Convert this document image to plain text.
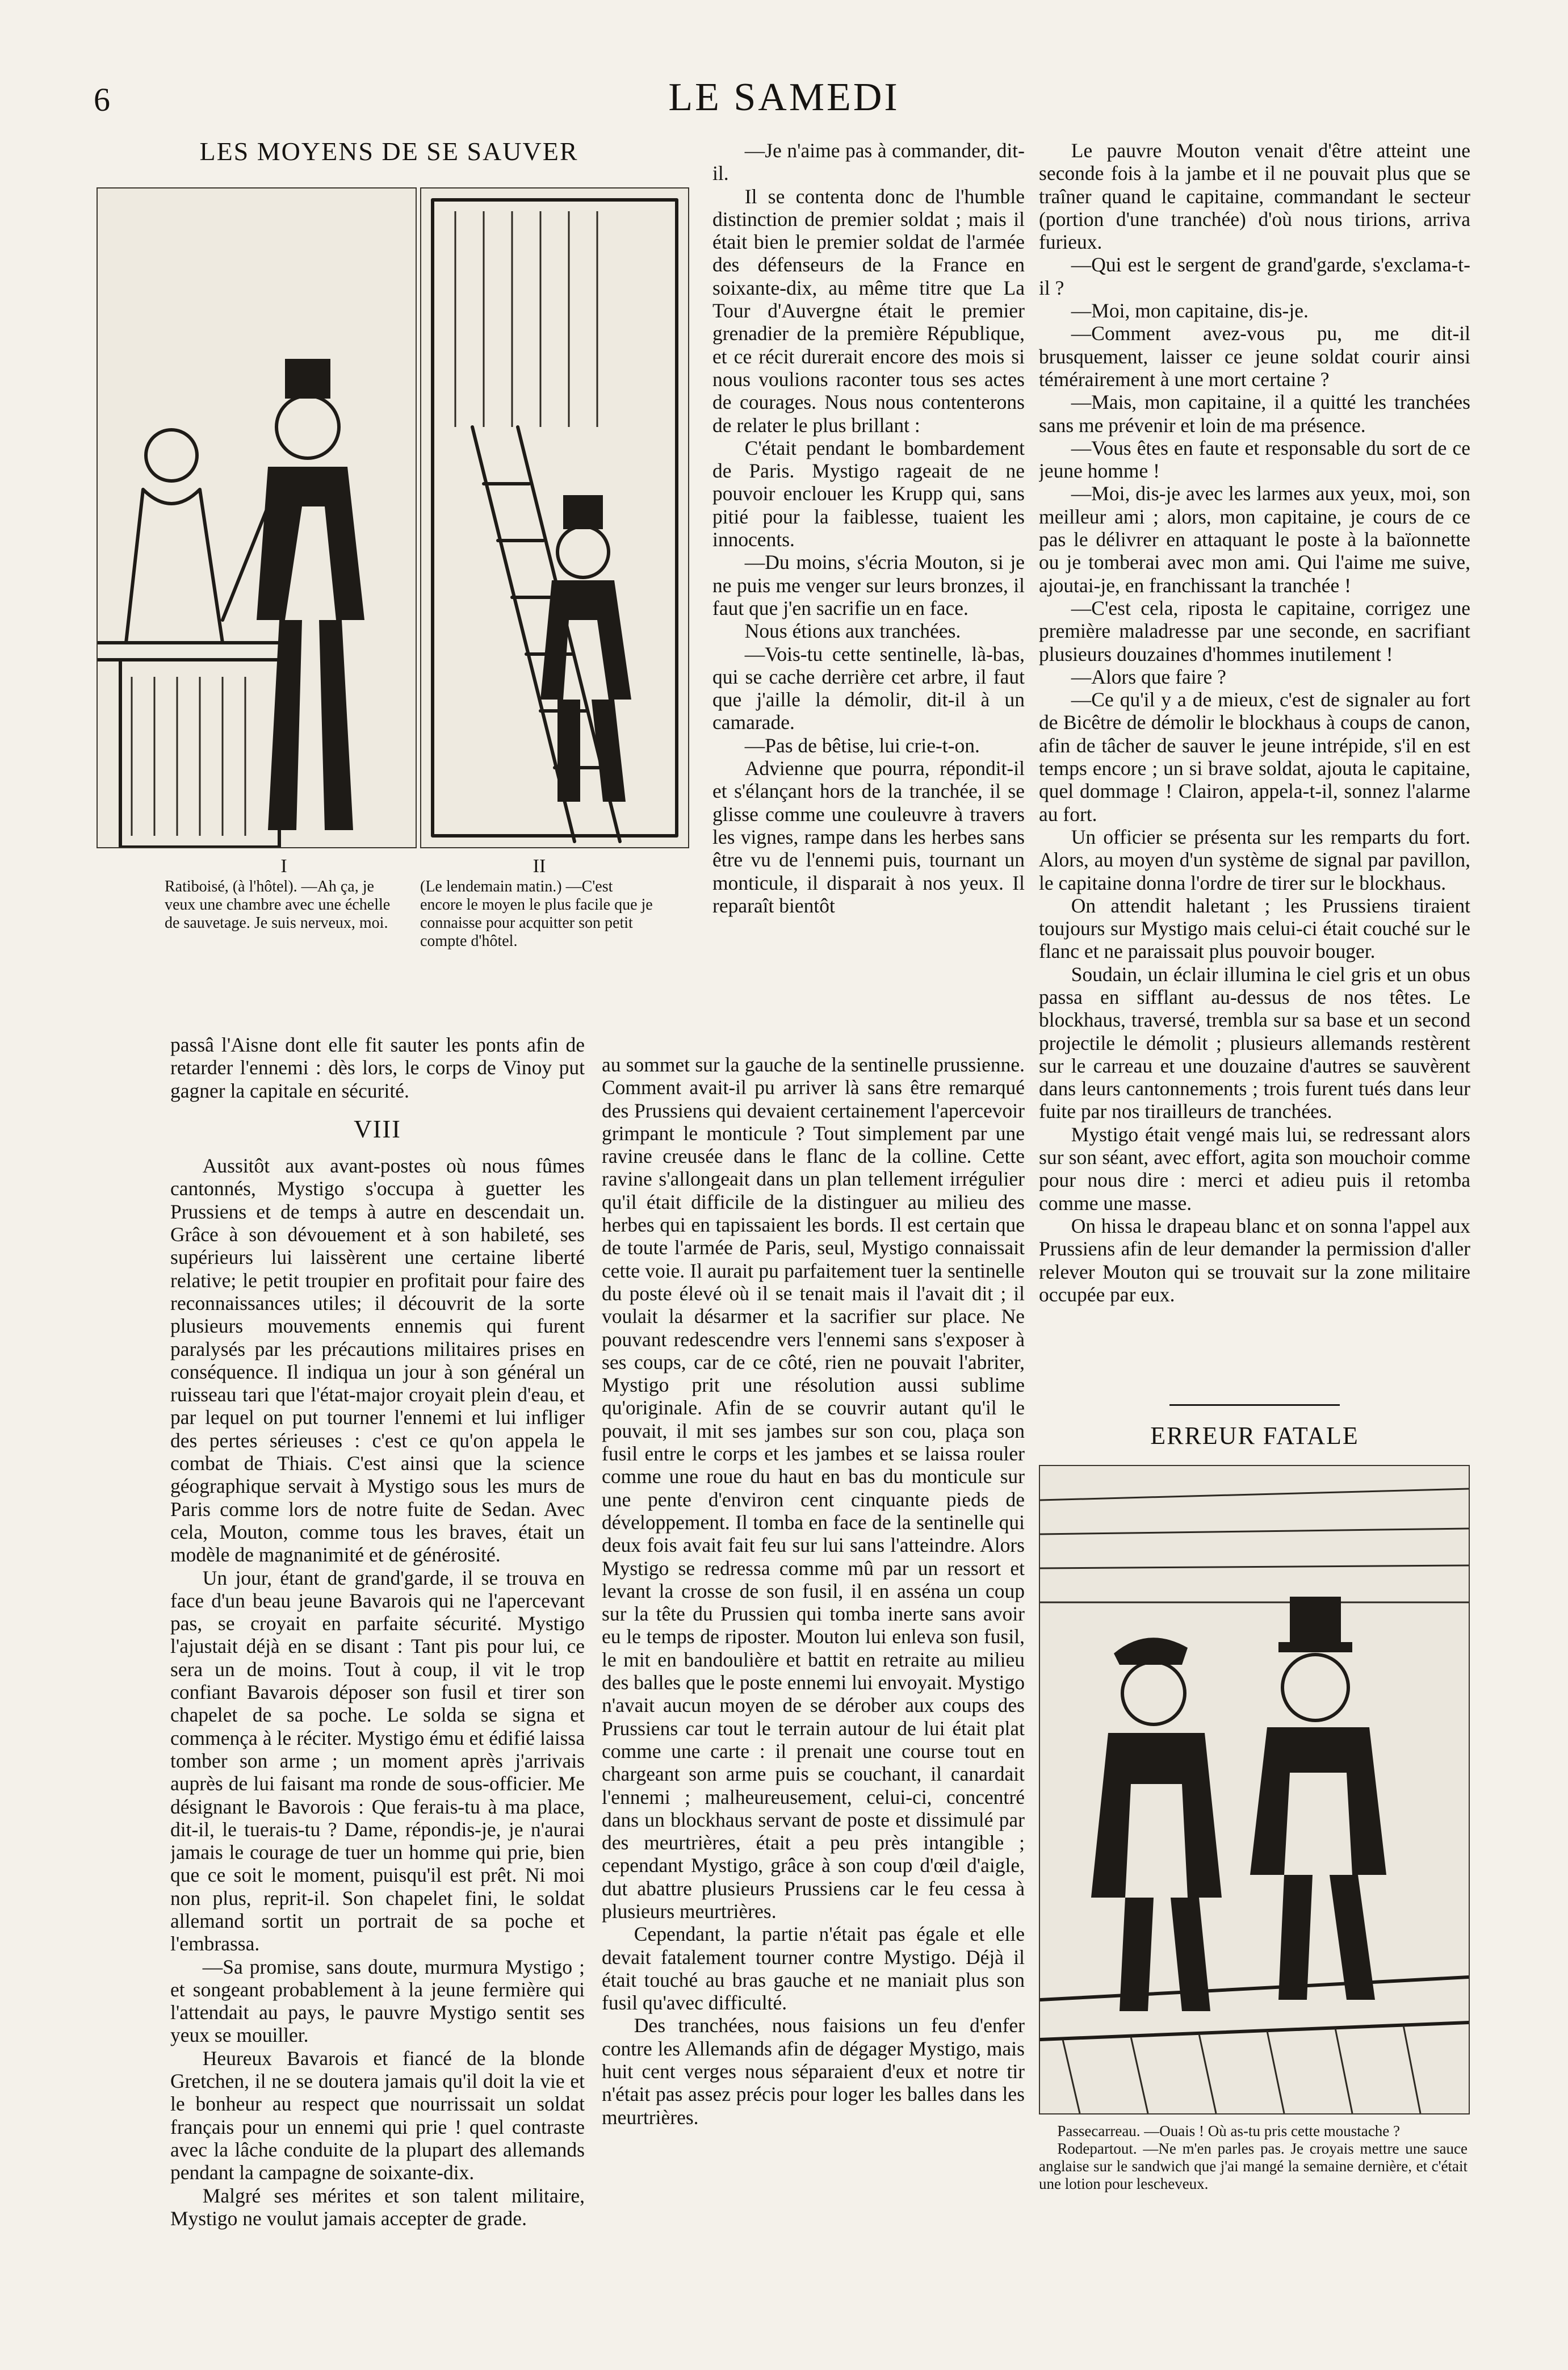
6	LE SAMEDI
LES MOYENS DE SE SAUVER
I
Ratiboisé, (à l'hôtel). —Ah ça, je veux une chambre avec une échelle de sauvetage. Je suis nerveux, moi.
II
(Le lendemain matin.) —C'est encore le moyen le plus facile que je connaisse pour acquitter son petit compte d'hôtel.

passâ l'Aisne dont elle fit sauter les ponts afin de retarder l'ennemi : dès lors, le corps de Vinoy put gagner la capitale en sécurité.

VIII

Aussitôt aux avant-postes où nous fûmes cantonnés, Mystigo s'occupa à guetter les Prussiens et de temps à autre en descendait un. Grâce à son dévouement et à son habileté, ses supérieurs lui laissèrent une certaine liberté relative; le petit troupier en profitait pour faire des reconnaissances utiles; il découvrit de la sorte plusieurs mouvements ennemis qui furent paralysés par les précautions militaires prises en conséquence. Il indiqua un jour à son général un ruisseau tari que l'état-major croyait plein d'eau, et par lequel on put tourner l'ennemi et lui infliger des pertes sérieuses : c'est ce qu'on appela le combat de Thiais. C'est ainsi que la science géographique servait à Mystigo sous les murs de Paris comme lors de notre fuite de Sedan. Avec cela, Mouton, comme tous les braves, était un modèle de magnanimité et de générosité.

Un jour, étant de grand'garde, il se trouva en face d'un beau jeune Bavarois qui ne l'apercevant pas, se croyait en parfaite sécurité. Mystigo l'ajustait déjà en se disant : Tant pis pour lui, ce sera un de moins. Tout à coup, il vit le trop confiant Bavarois déposer son fusil et tirer son chapelet de sa poche. Le solda se signa et commença à le réciter. Mystigo ému et édifié laissa tomber son arme ; un moment après j'arrivais auprès de lui faisant ma ronde de sous-officier. Me désignant le Bavorois : Que ferais-tu à ma place, dit-il, le tuerais-tu ? Dame, répondis-je, je n'aurai jamais le courage de tuer un homme qui prie, bien que ce soit le moment, puisqu'il est prêt. Ni moi non plus, reprit-il. Son chapelet fini, le soldat allemand sortit un portrait de sa poche et l'embrassa.

—Sa promise, sans doute, murmura Mystigo ; et songeant probablement à la jeune fermière qui l'attendait au pays, le pauvre Mystigo sentit ses yeux se mouiller.

Heureux Bavarois et fiancé de la blonde Gretchen, il ne se doutera jamais qu'il doit la vie et le bonheur au respect que nourrissait un soldat français pour un ennemi qui prie ! quel contraste avec la lâche conduite de la plupart des allemands pendant la campagne de soixante-dix.

Malgré ses mérites et son talent militaire, Mystigo ne voulut jamais accepter de grade.

—Je n'aime pas à commander, dit-il.

Il se contenta donc de l'humble distinction de premier soldat ; mais il était bien le premier soldat de l'armée des défenseurs de la France en soixante-dix, au même titre que La Tour d'Auvergne était le premier grenadier de la première République, et ce récit durerait encore des mois si nous voulions raconter tous ses actes de courages. Nous nous contenterons de relater le plus brillant :

C'était pendant le bombardement de Paris. Mystigo rageait de ne pouvoir enclouer les Krupp qui, sans pitié pour la faiblesse, tuaient les innocents.

—Du moins, s'écria Mouton, si je ne puis me venger sur leurs bronzes, il faut que j'en sacrifie un en face.

Nous étions aux tranchées.

—Vois-tu cette sentinelle, là-bas, qui se cache derrière cet arbre, il faut que j'aille la démolir, dit-il à un camarade.

—Pas de bêtise, lui crie-t-on.

Advienne que pourra, répondit-il et s'élançant hors de la tranchée, il se glisse comme une couleuvre à travers les vignes, rampe dans les herbes sans être vu de l'ennemi puis, tournant un monticule, il disparait à nos yeux. Il reparaît bientôt

au sommet sur la gauche de la sentinelle prussienne. Comment avait-il pu arriver là sans être remarqué des Prussiens qui devaient certainement l'apercevoir grimpant le monticule ? Tout simplement par une ravine creusée dans le flanc de la colline. Cette ravine s'allongeait dans un plan tellement irrégulier qu'il était difficile de la distinguer au milieu des herbes qui en tapissaient les bords. Il est certain que de toute l'armée de Paris, seul, Mystigo connaissait cette voie. Il aurait pu parfaitement tuer la sentinelle du poste élevé où il se tenait mais il l'avait dit ; il voulait la désarmer et la sacrifier sur place. Ne pouvant redescendre vers l'ennemi sans s'exposer à ses coups, car de ce côté, rien ne pouvait l'abriter, Mystigo prit une résolution aussi sublime qu'originale. Afin de se couvrir autant qu'il le pouvait, il mit ses jambes sur son cou, plaça son fusil entre le corps et les jambes et se laissa rouler comme une roue du haut en bas du monticule sur une pente d'environ cent cinquante pieds de développement. Il tomba en face de la sentinelle qui deux fois avait fait feu sur lui sans l'atteindre. Alors Mystigo se redressa comme mû par un ressort et levant la crosse de son fusil, il en asséna un coup sur la tête du Prussien qui tomba inerte sans avoir eu le temps de riposter. Mouton lui enleva son fusil, le mit en bandoulière et battit en retraite au milieu des balles que le poste ennemi lui envoyait. Mystigo n'avait aucun moyen de se dérober aux coups des Prussiens car tout le terrain autour de lui était plat comme une carte : il prenait une course tout en chargeant son arme puis se couchant, il canardait l'ennemi ; malheureusement, celui-ci, concentré dans un blockhaus servant de poste et dissimulé par des meurtrières, était a peu près intangible ; cependant Mystigo, grâce à son coup d'œil d'aigle, dut abattre plusieurs Prussiens car le feu cessa à plusieurs meurtrières.

Cependant, la partie n'était pas égale et elle devait fatalement tourner contre Mystigo. Déjà il était touché au bras gauche et ne maniait plus son fusil qu'avec difficulté.

Des tranchées, nous faisions un feu d'enfer contre les Allemands afin de dégager Mystigo, mais huit cent verges nous séparaient d'eux et notre tir n'était pas assez précis pour loger les balles dans les meurtrières.

Le pauvre Mouton venait d'être atteint une seconde fois à la jambe et il ne pouvait plus que se traîner quand le capitaine, commandant le secteur (portion d'une tranchée) d'où nous tirions, arriva furieux.

—Qui est le sergent de grand'garde, s'exclama-t-il ?

—Moi, mon capitaine, dis-je.

—Comment avez-vous pu, me dit-il brusquement, laisser ce jeune soldat courir ainsi témérairement à une mort certaine ?

—Mais, mon capitaine, il a quitté les tranchées sans me prévenir et loin de ma présence.

—Vous êtes en faute et responsable du sort de ce jeune homme !

—Moi, dis-je avec les larmes aux yeux, moi, son meilleur ami ; alors, mon capitaine, je cours de ce pas le délivrer en attaquant le poste à la baïonnette ou je tomberai avec mon ami. Qui l'aime me suive, ajoutai-je, en franchissant la tranchée !

—C'est cela, riposta le capitaine, corrigez une première maladresse par une seconde, en sacrifiant plusieurs douzaines d'hommes inutilement !

—Alors que faire ?

—Ce qu'il y a de mieux, c'est de signaler au fort de Bicêtre de démolir le blockhaus à coups de canon, afin de tâcher de sauver le jeune intrépide, s'il en est temps encore ; un si brave soldat, ajouta le capitaine, quel dommage ! Clairon, appela-t-il, sonnez l'alarme au fort.

Un officier se présenta sur les remparts du fort. Alors, au moyen d'un système de signal par pavillon, le capitaine donna l'ordre de tirer sur le blockhaus.

On attendit haletant ; les Prussiens tiraient toujours sur Mystigo mais celui-ci était couché sur le flanc et ne paraissait plus pouvoir bouger.

Soudain, un éclair illumina le ciel gris et un obus passa en sifflant au-dessus de nos têtes. Le blockhaus, traversé, trembla sur sa base et un second projectile le démolit ; plusieurs allemands restèrent sur le carreau et une douzaine d'autres se sauvèrent dans leurs cantonnements ; trois furent tués dans leur fuite par nos tirailleurs de tranchées.

Mystigo était vengé mais lui, se redressant alors sur son séant, avec effort, agita son mouchoir comme pour nous dire : merci et adieu puis il retomba comme une masse.

On hissa le drapeau blanc et on sonna l'appel aux Prussiens afin de leur demander la permission d'aller relever Mouton qui se trouvait sur la zone militaire occupée par eux.

ERREUR FATALE
Passecarreau. —Ouais ! Où as-tu pris cette moustache ?
Rodepartout. —Ne m'en parles pas. Je croyais mettre une sauce anglaise sur le sandwich que j'ai mangé la semaine dernière, et c'était une lotion pour lescheveux.
